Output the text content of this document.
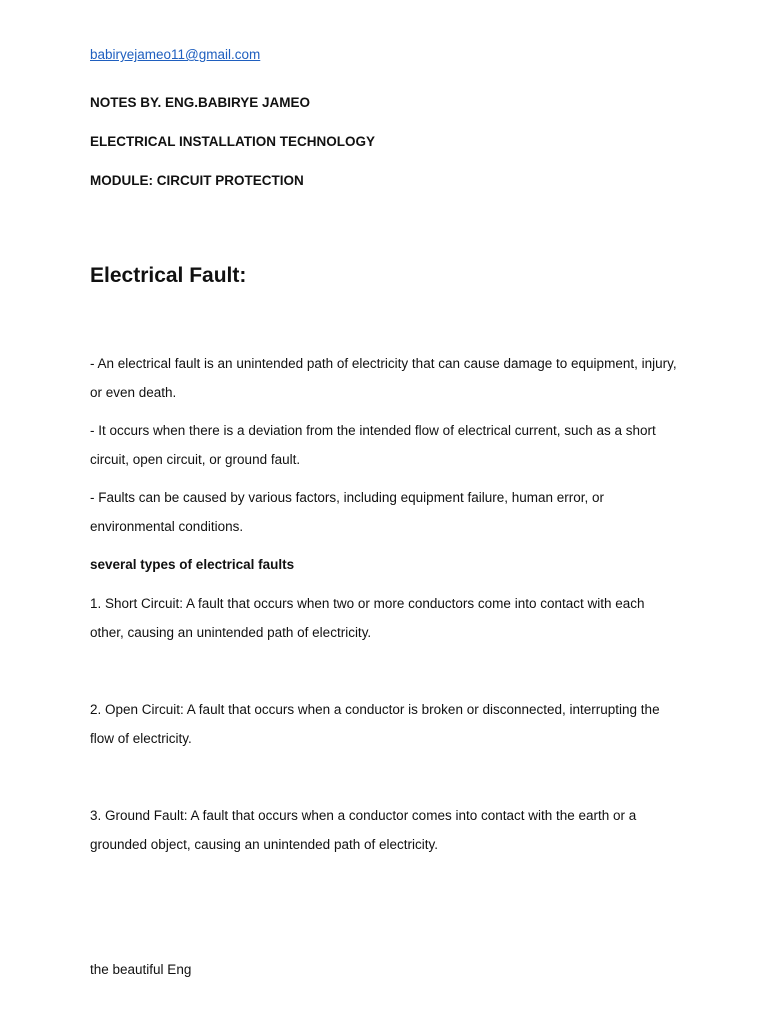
babiryejameo11@gmail.com
NOTES BY. ENG.BABIRYE JAMEO
ELECTRICAL INSTALLATION TECHNOLOGY
MODULE: CIRCUIT PROTECTION
Electrical Fault:
- An electrical fault is an unintended path of electricity that can cause damage to equipment, injury, or even death.
- It occurs when there is a deviation from the intended flow of electrical current, such as a short circuit, open circuit, or ground fault.
- Faults can be caused by various factors, including equipment failure, human error, or environmental conditions.
several types of electrical faults
1. Short Circuit: A fault that occurs when two or more conductors come into contact with each other, causing an unintended path of electricity.
2. Open Circuit: A fault that occurs when a conductor is broken or disconnected, interrupting the flow of electricity.
3. Ground Fault: A fault that occurs when a conductor comes into contact with the earth or a grounded object, causing an unintended path of electricity.
the beautiful Eng
